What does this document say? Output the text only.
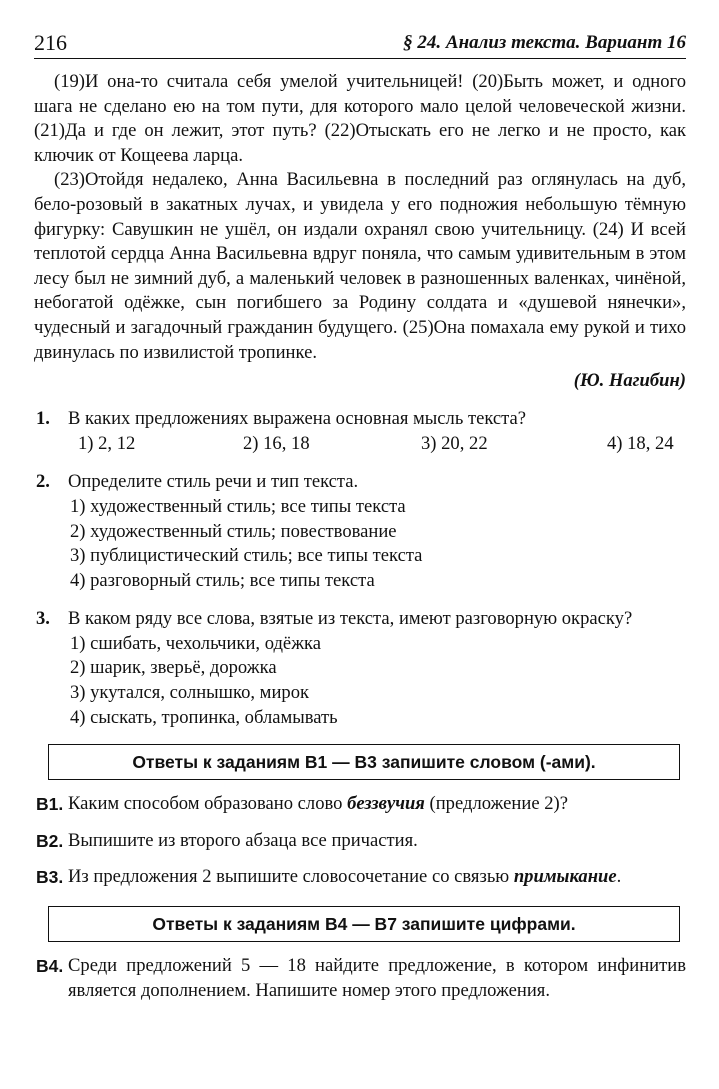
216	§ 24. Анализ текста. Вариант 16

(19)И она-то считала себя умелой учительницей! (20)Быть может, и одного шага не сделано ею на том пути, для которого мало целой человеческой жизни. (21)Да и где он лежит, этот путь? (22)Отыскать его не легко и не просто, как ключик от Кощеева ларца.

(23)Отойдя недалеко, Анна Васильевна в последний раз оглянулась на дуб, бело-розовый в закатных лучах, и увидела у его подножия небольшую тёмную фигурку: Савушкин не ушёл, он издали охранял свою учительницу. (24) И всей теплотой сердца Анна Васильевна вдруг поняла, что самым удивительным в этом лесу был не зимний дуб, а маленький человек в разношенных валенках, чинёной, небогатой одёжке, сын погибшего за Родину солдата и «душевой нянечки», чудесный и загадочный гражданин будущего. (25)Она помахала ему рукой и тихо двинулась по извилистой тропинке.

(Ю. Нагибин)

1. В каких предложениях выражена основная мысль текста?
1) 2, 12	2) 16, 18	3) 20, 22	4) 18, 24
2. Определите стиль речи и тип текста.
1) художественный стиль; все типы текста
2) художественный стиль; повествование
3) публицистический стиль; все типы текста
4) разговорный стиль; все типы текста
3. В каком ряду все слова, взятые из текста, имеют разговорную окраску?
1) сшибать, чехольчики, одёжка
2) шарик, зверьё, дорожка
3) укутался, солнышко, мирок
4) сыскать, тропинка, обламывать
Ответы к заданиям В1 — В3 запишите словом (-ами).
В1. Каким способом образовано слово беззвучия (предложение 2)?
В2. Выпишите из второго абзаца все причастия.
В3. Из предложения 2 выпишите словосочетание со связью примыкание.
Ответы к заданиям В4 — В7 запишите цифрами.
В4. Среди предложений 5 — 18 найдите предложение, в котором инфинитив является дополнением. Напишите номер этого предложения.
